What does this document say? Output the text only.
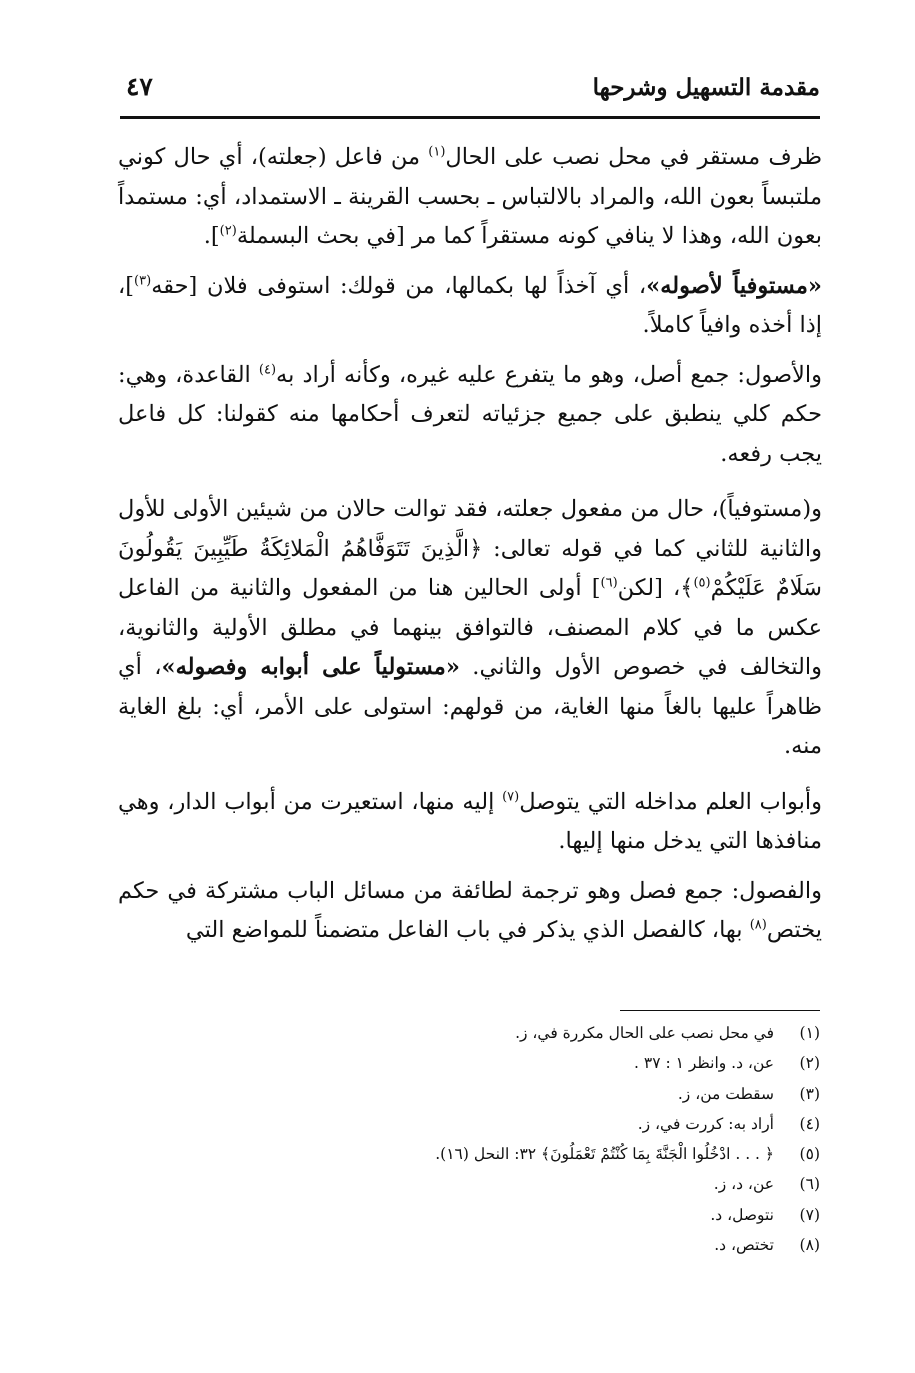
مقدمة التسهيل وشرحها
٤٧

ظرف مستقر في محل نصب على الحال$^{(١)}$ من فاعل (جعلته)، أي حال كوني ملتبساً بعون الله، والمراد بالالتباس ـ بحسب القرينة ـ الاستمداد، أي: مستمداً بعون الله، وهذا لا ينافي كونه مستقراً كما مر [في بحث البسملة$^{(٢)}$].

«مستوفياً لأصوله»، أي آخذاً لها بكمالها، من قولك: استوفى فلان [حقه$^{(٣)}$]، إذا أخذه وافياً كاملاً.

والأصول: جمع أصل، وهو ما يتفرع عليه غيره، وكأنه أراد به$^{(٤)}$ القاعدة، وهي: حكم كلي ينطبق على جميع جزئياته لتعرف أحكامها منه كقولنا: كل فاعل يجب رفعه.

و(مستوفياً)، حال من مفعول جعلته، فقد توالت حالان من شيئين الأولى للأول والثانية للثاني كما في قوله تعالى: ﴿الَّذِينَ تَتَوَفَّاهُمُ الْمَلائِكَةُ طَيِّبِينَ يَقُولُونَ سَلَامٌ عَلَيْكُمْ$^{(٥)}$﴾، [لكن$^{(٦)}$] أولى الحالين هنا من المفعول والثانية من الفاعل عكس ما في كلام المصنف، فالتوافق بينهما في مطلق الأولية والثانوية، والتخالف في خصوص الأول والثاني. «مستولياً على أبوابه وفصوله»، أي ظاهراً عليها بالغاً منها الغاية، من قولهم: استولى على الأمر، أي: بلغ الغاية منه.

وأبواب العلم مداخله التي يتوصل$^{(٧)}$ إليه منها، استعيرت من أبواب الدار، وهي منافذها التي يدخل منها إليها.

والفصول: جمع فصل وهو ترجمة لطائفة من مسائل الباب مشتركة في حكم يختص$^{(٨)}$ بها، كالفصل الذي يذكر في باب الفاعل متضمناً للمواضع التي

(١)
في محل نصب على الحال مكررة في، ز.
(٢)
عن، د. وانظر ١ : ٣٧ .
(٣)
سقطت من، ز.
(٤)
أراد به: كررت في، ز.
(٥)
﴿ . . . ادْخُلُوا الْجَنَّةَ بِمَا كُنْتُمْ تَعْمَلُونَ﴾ ٣٢: النحل (١٦).
(٦)
عن، د، ز.
(٧)
نتوصل، د.
(٨)
تختص، د.
